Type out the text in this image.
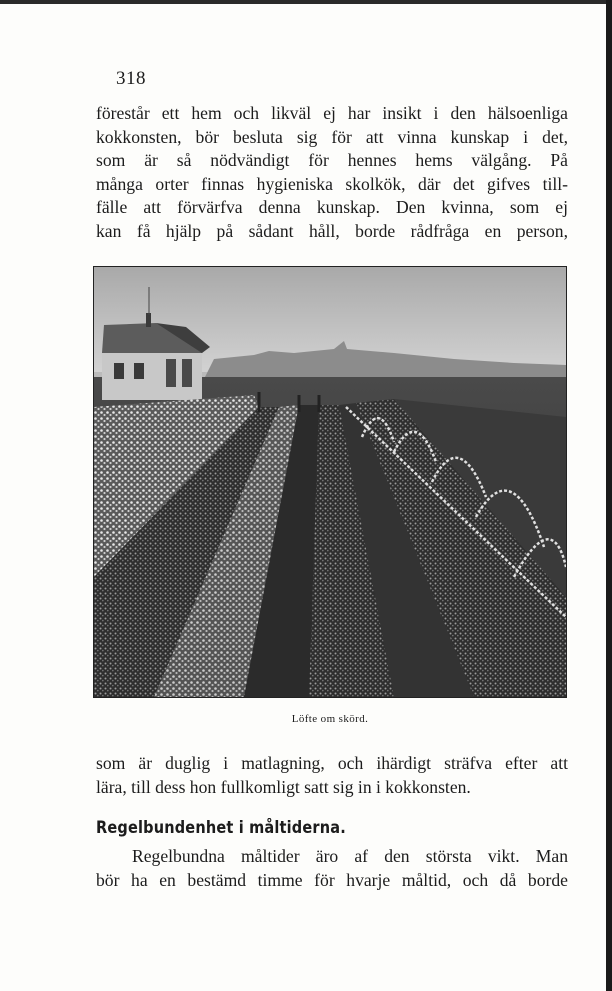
318
förestår ett hem och likväl ej har insikt i den hälsoenliga
kokkonsten, bör besluta sig för att vinna kunskap i det,
som är så nödvändigt för hennes hems välgång. På
många orter finnas hygieniska skolkök, där det gifves till-
fälle att förvärfva denna kunskap. Den kvinna, som ej
kan få hjälp på sådant håll, borde rådfråga en person,
Löfte om skörd.
som är duglig i matlagning, och ihärdigt sträfva efter att
lära, till dess hon fullkomligt satt sig in i kokkonsten.
Regelbundenhet i måltiderna.
Regelbundna måltider äro af den största vikt. Man
bör ha en bestämd timme för hvarje måltid, och då borde
